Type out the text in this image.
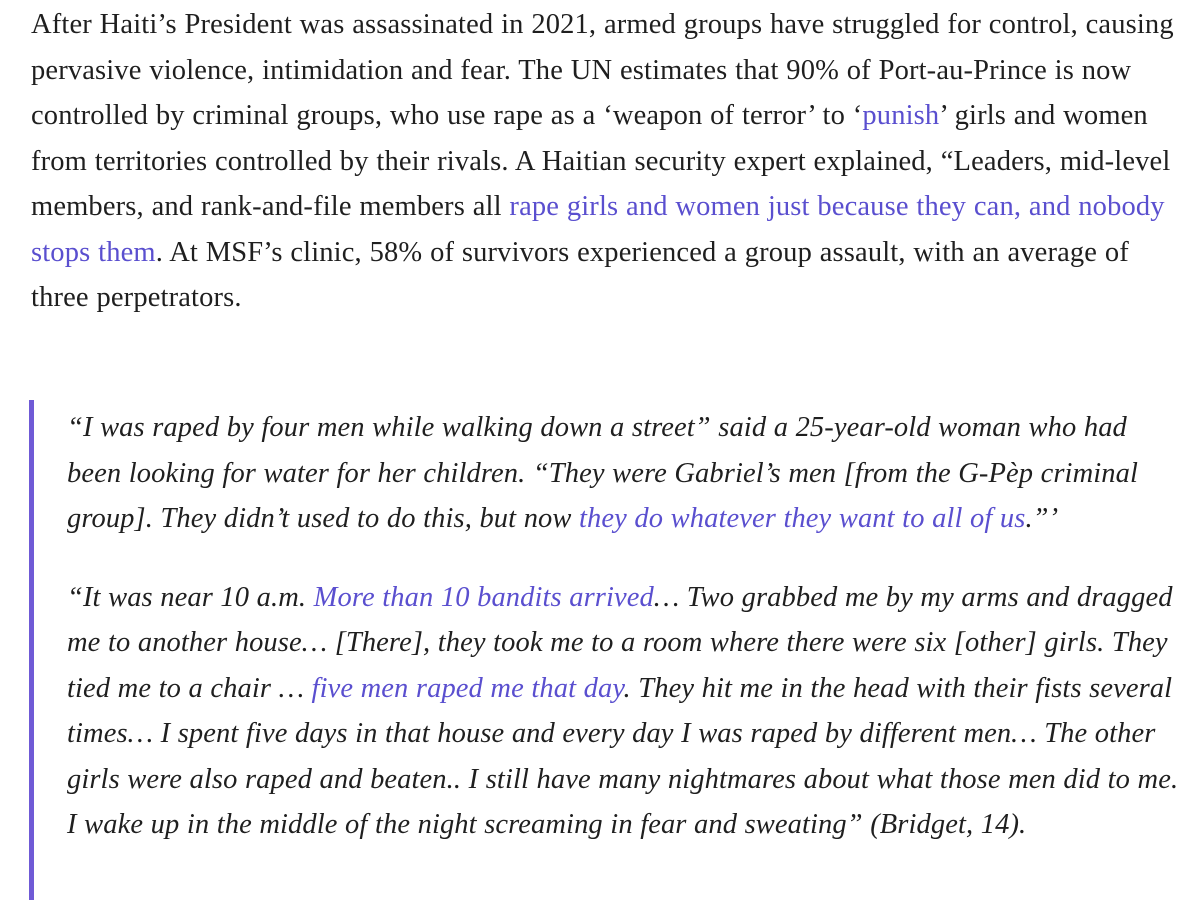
After Haiti’s President was assassinated in 2021, armed groups have struggled for control, causing pervasive violence, intimidation and fear. The UN estimates that 90% of Port-au-Prince is now controlled by criminal groups, who use rape as a ‘weapon of terror’ to ‘punish’ girls and women from territories controlled by their rivals. A Haitian security expert explained, “Leaders, mid-level members, and rank-and-file members all rape girls and women just because they can, and nobody stops them. At MSF’s clinic, 58% of survivors experienced a group assault, with an average of three perpetrators.

“I was raped by four men while walking down a street” said a 25-year-old woman who had been looking for water for her children. “They were Gabriel’s men [from the G-Pèp criminal group]. They didn’t used to do this, but now they do whatever they want to all of us.”’

“It was near 10 a.m. More than 10 bandits arrived… Two grabbed me by my arms and dragged me to another house… [There], they took me to a room where there were six [other] girls. They tied me to a chair … five men raped me that day. They hit me in the head with their fists several times… I spent five days in that house and every day I was raped by different men… The other girls were also raped and beaten.. I still have many nightmares about what those men did to me. I wake up in the middle of the night screaming in fear and sweating” (Bridget, 14).
